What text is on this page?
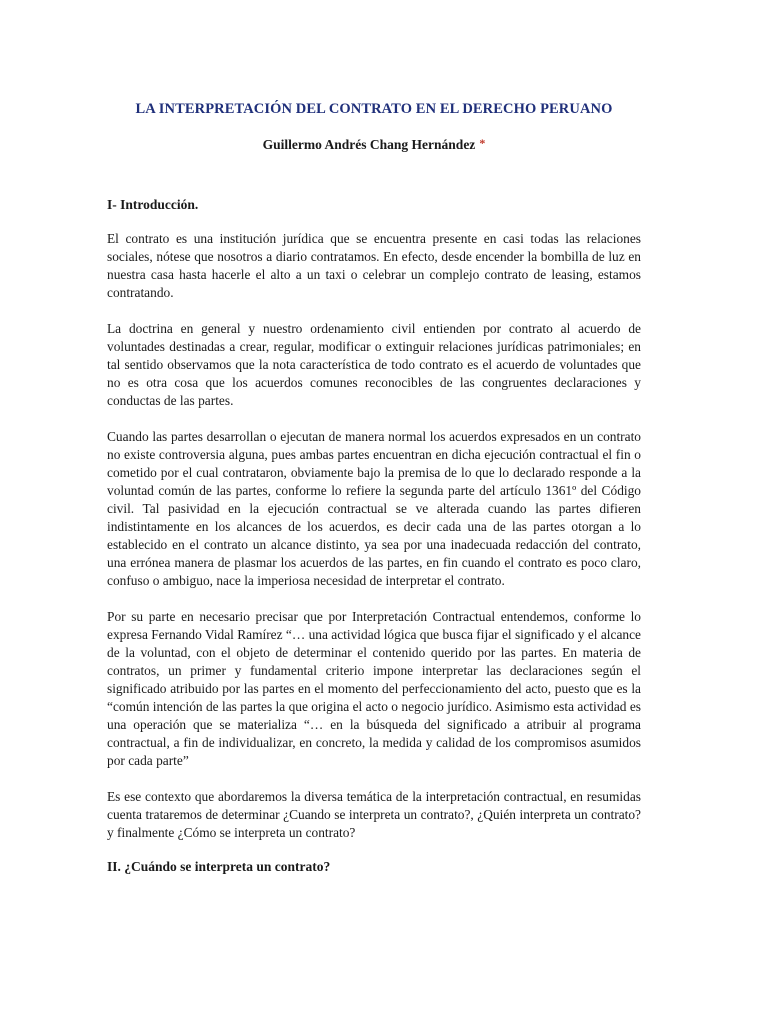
LA INTERPRETACIÓN DEL CONTRATO EN EL DERECHO PERUANO

Guillermo Andrés Chang Hernández *

I- Introducción.

El contrato es una institución jurídica que se encuentra presente en casi todas las relaciones sociales, nótese que nosotros a diario contratamos. En efecto, desde encender la bombilla de luz en nuestra casa hasta hacerle el alto a un taxi o celebrar un complejo contrato de leasing, estamos contratando.

La doctrina en general y nuestro ordenamiento civil entienden por contrato al acuerdo de voluntades destinadas a crear, regular, modificar o extinguir relaciones jurídicas patrimoniales; en tal sentido observamos que la nota característica de todo contrato es el acuerdo de voluntades que no es otra cosa que los acuerdos comunes reconocibles de las congruentes declaraciones y conductas de las partes.

Cuando las partes desarrollan o ejecutan de manera normal los acuerdos expresados en un contrato no existe controversia alguna, pues ambas partes encuentran en dicha ejecución contractual el fin o cometido por el cual contrataron, obviamente bajo la premisa de lo que lo declarado responde a la voluntad común de las partes, conforme lo refiere la segunda parte del artículo 1361º del Código civil. Tal pasividad en la ejecución contractual se ve alterada cuando las partes difieren indistintamente en los alcances de los acuerdos, es decir cada una de las partes otorgan a lo establecido en el contrato un alcance distinto, ya sea por una inadecuada redacción del contrato, una errónea manera de plasmar los acuerdos de las partes, en fin cuando el contrato es poco claro, confuso o ambiguo, nace la imperiosa necesidad de interpretar el contrato.

Por su parte en necesario precisar que por Interpretación Contractual entendemos, conforme lo expresa Fernando Vidal Ramírez “… una actividad lógica que busca fijar el significado y el alcance de la voluntad, con el objeto de determinar el contenido querido por las partes. En materia de contratos, un primer y fundamental criterio impone interpretar las declaraciones según el significado atribuido por las partes en el momento del perfeccionamiento del acto, puesto que es la “común intención de las partes la que origina el acto o negocio jurídico. Asimismo esta actividad es una operación que se materializa “… en la búsqueda del significado a atribuir al programa contractual, a fin de individualizar, en concreto, la medida y calidad de los compromisos asumidos por cada parte”

Es ese contexto que abordaremos la diversa temática de la interpretación contractual, en resumidas cuenta trataremos de determinar ¿Cuando se interpreta un contrato?, ¿Quién interpreta un contrato? y finalmente ¿Cómo se interpreta un contrato?

II. ¿Cuándo se interpreta un contrato?
